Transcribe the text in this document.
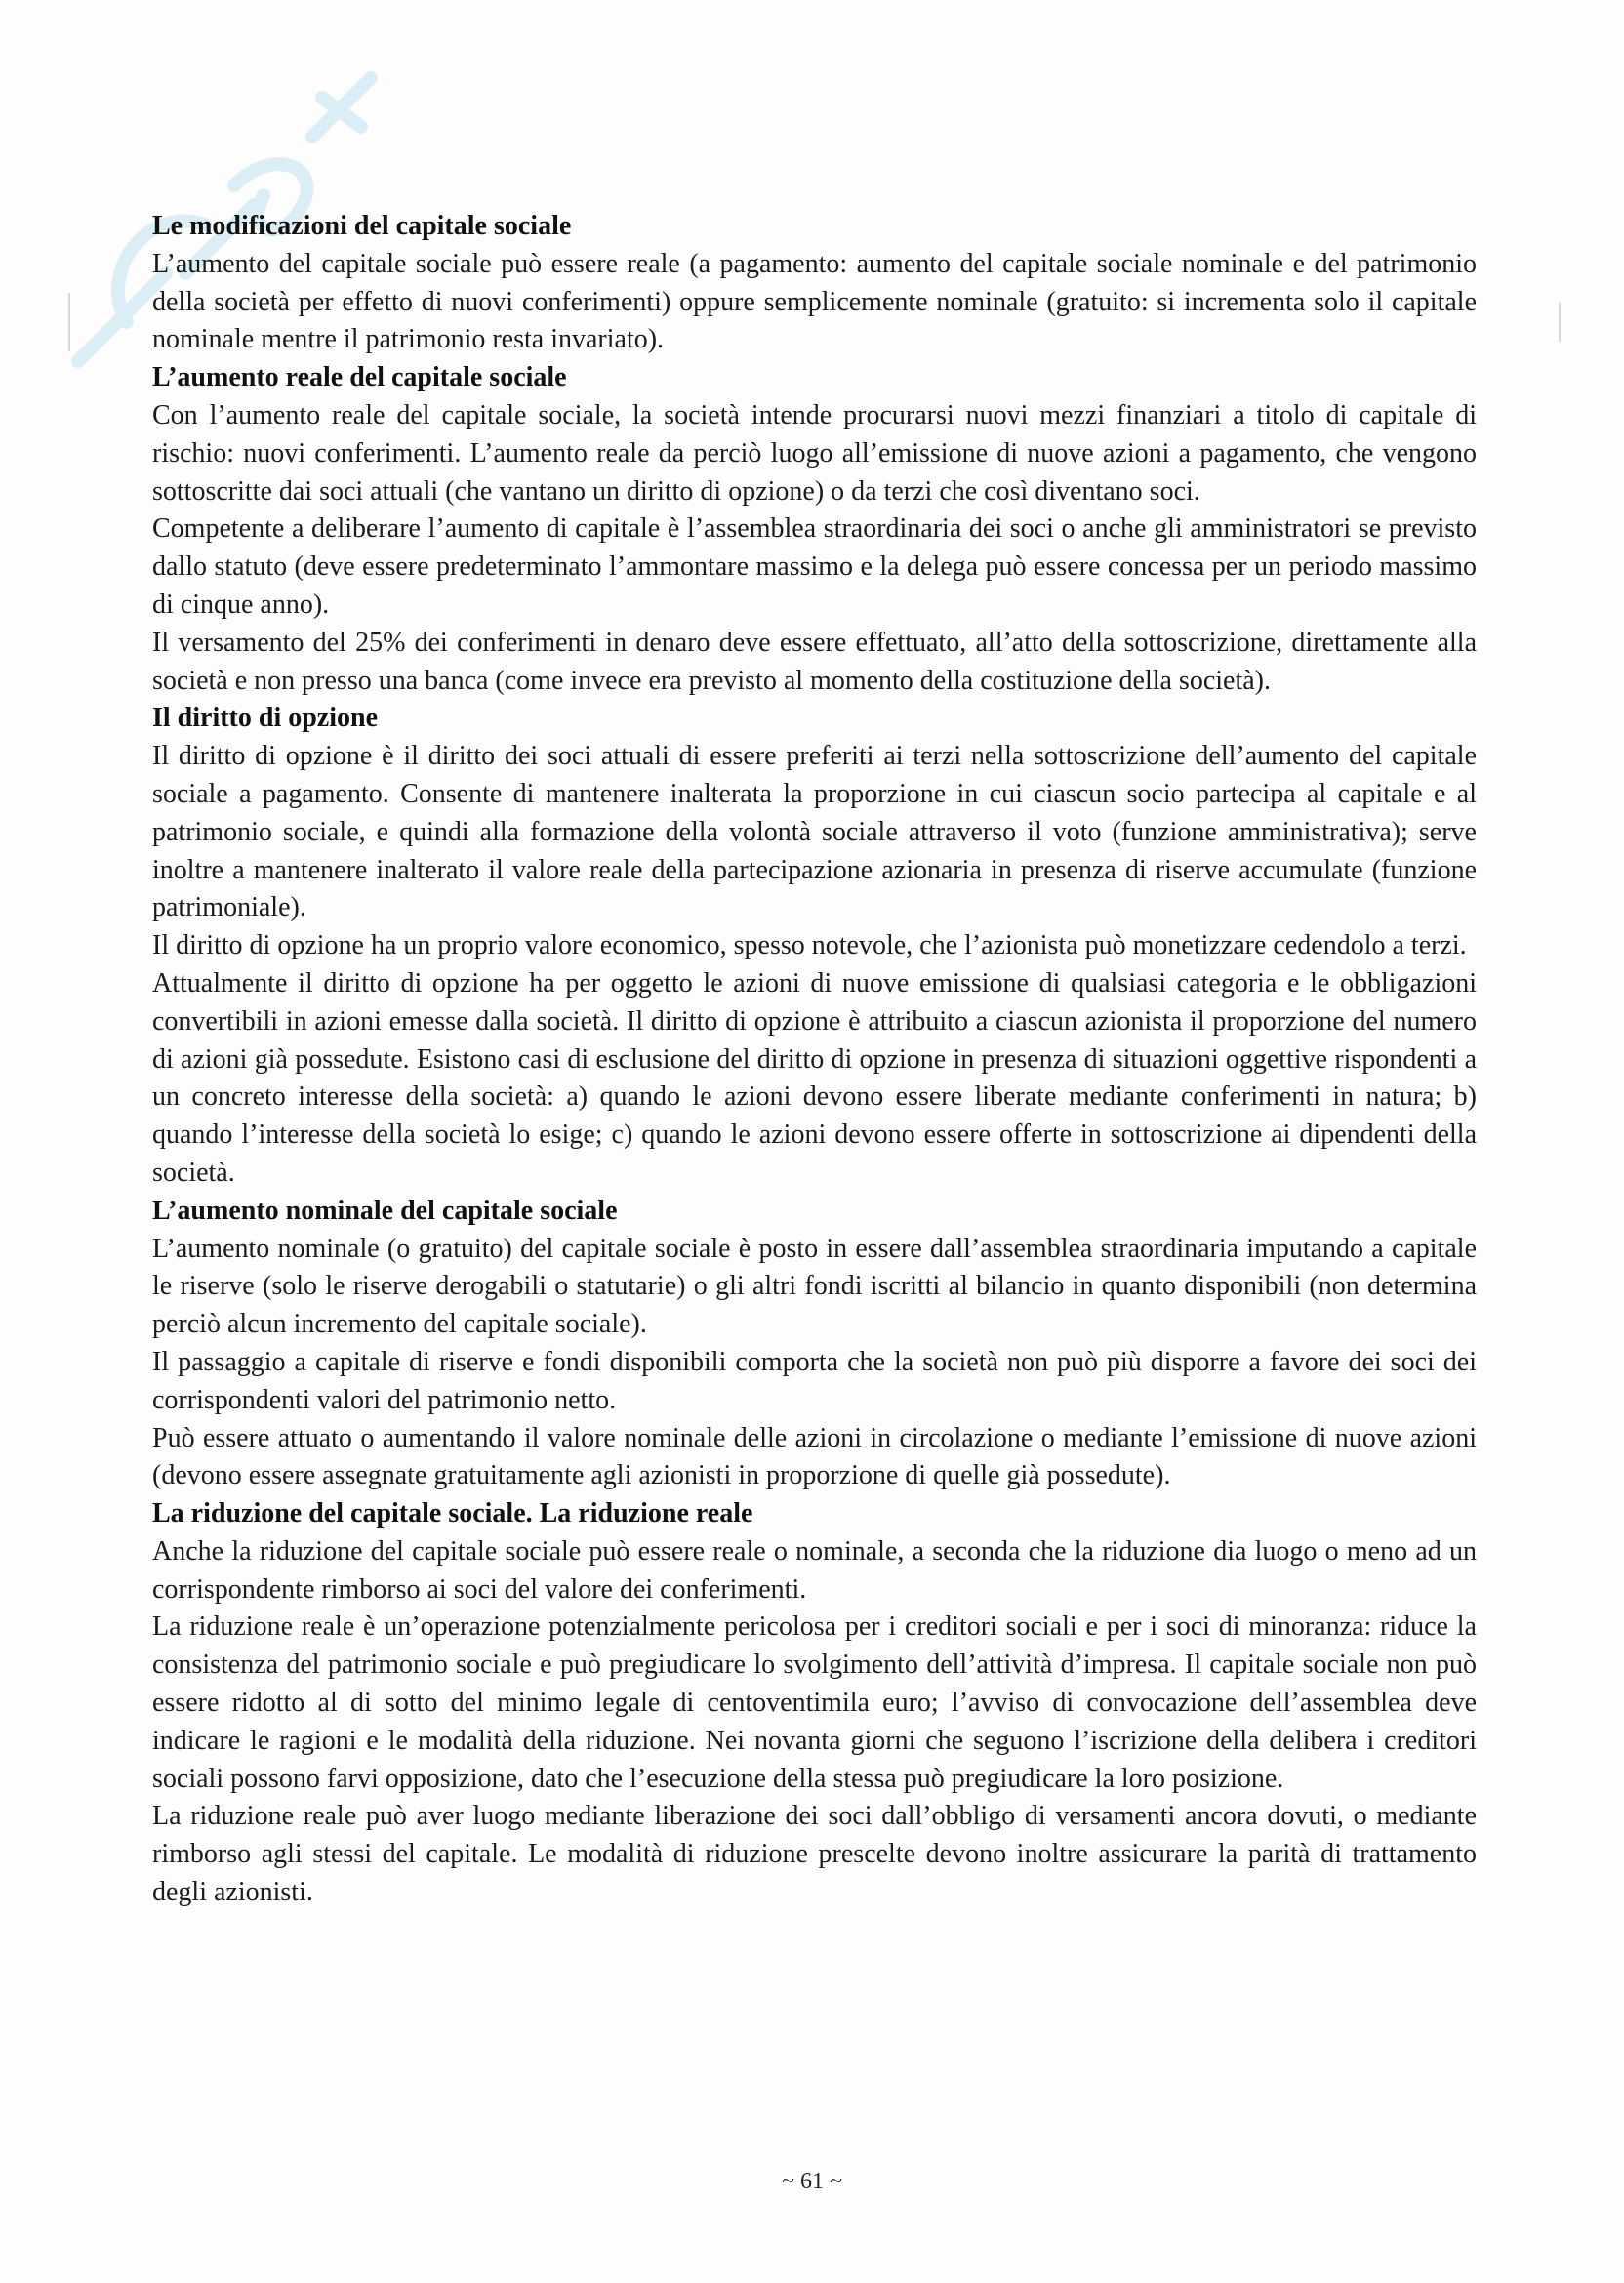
Le modificazioni del capitale sociale

L’aumento del capitale sociale può essere reale (a pagamento: aumento del capitale sociale nominale e del patrimonio della società per effetto di nuovi conferimenti) oppure semplicemente nominale (gratuito: si incrementa solo il capitale nominale mentre il patrimonio resta invariato).

L’aumento reale del capitale sociale

Con l’aumento reale del capitale sociale, la società intende procurarsi nuovi mezzi finanziari a titolo di capitale di rischio: nuovi conferimenti. L’aumento reale da perciò luogo all’emissione di nuove azioni a pagamento, che vengono sottoscritte dai soci attuali (che vantano un diritto di opzione) o da terzi che così diventano soci.

Competente a deliberare l’aumento di capitale è l’assemblea straordinaria dei soci o anche gli amministratori se previsto dallo statuto (deve essere predeterminato l’ammontare massimo e la delega può essere concessa per un periodo massimo di cinque anno).

Il versamento del 25% dei conferimenti in denaro deve essere effettuato, all’atto della sottoscrizione, direttamente alla società e non presso una banca (come invece era previsto al momento della costituzione della società).

Il diritto di opzione

Il diritto di opzione è il diritto dei soci attuali di essere preferiti ai terzi nella sottoscrizione dell’aumento del capitale sociale a pagamento. Consente di mantenere inalterata la proporzione in cui ciascun socio partecipa al capitale e al patrimonio sociale, e quindi alla formazione della volontà sociale attraverso il voto (funzione amministrativa); serve inoltre a mantenere inalterato il valore reale della partecipazione azionaria in presenza di riserve accumulate (funzione patrimoniale).

Il diritto di opzione ha un proprio valore economico, spesso notevole, che l’azionista può monetizzare cedendolo a terzi.

Attualmente il diritto di opzione ha per oggetto le azioni di nuove emissione di qualsiasi categoria e le obbligazioni convertibili in azioni emesse dalla società. Il diritto di opzione è attribuito a ciascun azionista il proporzione del numero di azioni già possedute. Esistono casi di esclusione del diritto di opzione in presenza di situazioni oggettive rispondenti a un concreto interesse della società: a) quando le azioni devono essere liberate mediante conferimenti in natura; b) quando l’interesse della società lo esige; c) quando le azioni devono essere offerte in sottoscrizione ai dipendenti della società.

L’aumento nominale del capitale sociale

L’aumento nominale (o gratuito) del capitale sociale è posto in essere dall’assemblea straordinaria imputando a capitale le riserve (solo le riserve derogabili o statutarie) o gli altri fondi iscritti al bilancio in quanto disponibili (non determina perciò alcun incremento del capitale sociale).

Il passaggio a capitale di riserve e fondi disponibili comporta che la società non può più disporre a favore dei soci dei corrispondenti valori del patrimonio netto.

Può essere attuato o aumentando il valore nominale delle azioni in circolazione o mediante l’emissione di nuove azioni (devono essere assegnate gratuitamente agli azionisti in proporzione di quelle già possedute).

La riduzione del capitale sociale. La riduzione reale

Anche la riduzione del capitale sociale può essere reale o nominale, a seconda che la riduzione dia luogo o meno ad un corrispondente rimborso ai soci del valore dei conferimenti.

La riduzione reale è un’operazione potenzialmente pericolosa per i creditori sociali e per i soci di minoranza: riduce la consistenza del patrimonio sociale e può pregiudicare lo svolgimento dell’attività d’impresa. Il capitale sociale non può essere ridotto al di sotto del minimo legale di centoventimila euro; l’avviso di convocazione dell’assemblea deve indicare le ragioni e le modalità della riduzione. Nei novanta giorni che seguono l’iscrizione della delibera i creditori sociali possono farvi opposizione, dato che l’esecuzione della stessa può pregiudicare la loro posizione.

La riduzione reale può aver luogo mediante liberazione dei soci dall’obbligo di versamenti ancora dovuti, o mediante rimborso agli stessi del capitale. Le modalità di riduzione prescelte devono inoltre assicurare la parità di trattamento degli azionisti.

~ 61 ~
